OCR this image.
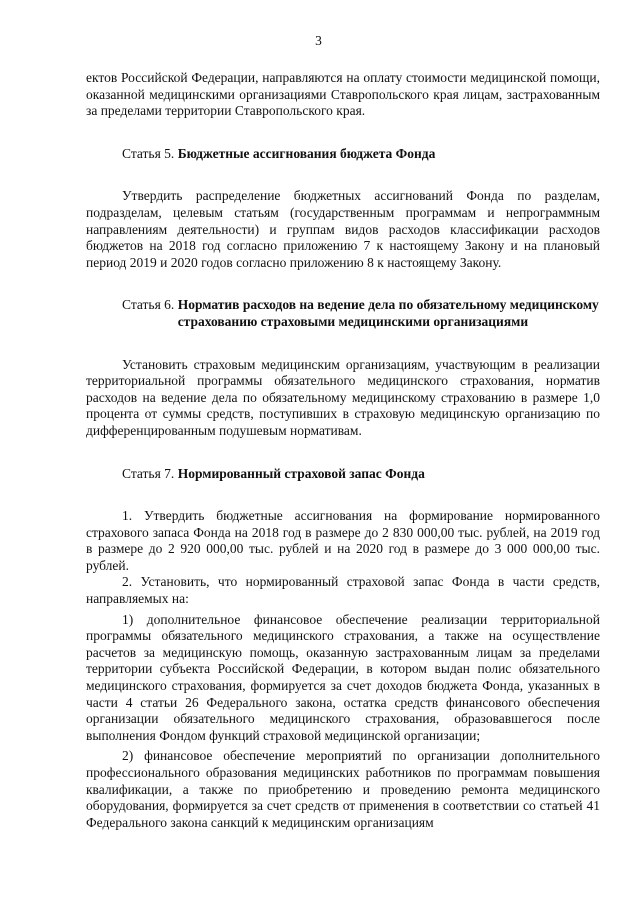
3

ектов Российской Федерации, направляются на оплату стоимости медицинской помощи, оказанной медицинскими организациями Ставропольского края лицам, застрахованным за пределами территории Ставропольского края.

Статья 5. Бюджетные ассигнования бюджета Фонда

Утвердить распределение бюджетных ассигнований Фонда по разделам, подразделам, целевым статьям (государственным программам и непрограммным направлениям деятельности) и группам видов расходов классификации расходов бюджетов на 2018 год согласно приложению 7 к настоящему Закону и на плановый период 2019 и 2020 годов согласно приложению 8 к настоящему Закону.

Статья 6. Норматив расходов на ведение дела по обязательному медицинскому страхованию страховыми медицинскими организациями

Установить страховым медицинским организациям, участвующим в реализации территориальной программы обязательного медицинского страхования, норматив расходов на ведение дела по обязательному медицинскому страхованию в размере 1,0 процента от суммы средств, поступивших в страховую медицинскую организацию по дифференцированным подушевым нормативам.

Статья 7. Нормированный страховой запас Фонда

1. Утвердить бюджетные ассигнования на формирование нормированного страхового запаса Фонда на 2018 год в размере до 2 830 000,00 тыс. рублей, на 2019 год в размере до 2 920 000,00 тыс. рублей и на 2020 год в размере до 3 000 000,00 тыс. рублей.

2. Установить, что нормированный страховой запас Фонда в части средств, направляемых на:

1) дополнительное финансовое обеспечение реализации территориальной программы обязательного медицинского страхования, а также на осуществление расчетов за медицинскую помощь, оказанную застрахованным лицам за пределами территории субъекта Российской Федерации, в котором выдан полис обязательного медицинского страхования, формируется за счет доходов бюджета Фонда, указанных в части 4 статьи 26 Федерального закона, остатка средств финансового обеспечения организации обязательного медицинского страхования, образовавшегося после выполнения Фондом функций страховой медицинской организации;

2) финансовое обеспечение мероприятий по организации дополнительного профессионального образования медицинских работников по программам повышения квалификации, а также по приобретению и проведению ремонта медицинского оборудования, формируется за счет средств от применения в соответствии со статьей 41 Федерального закона санкций к медицинским организациям
